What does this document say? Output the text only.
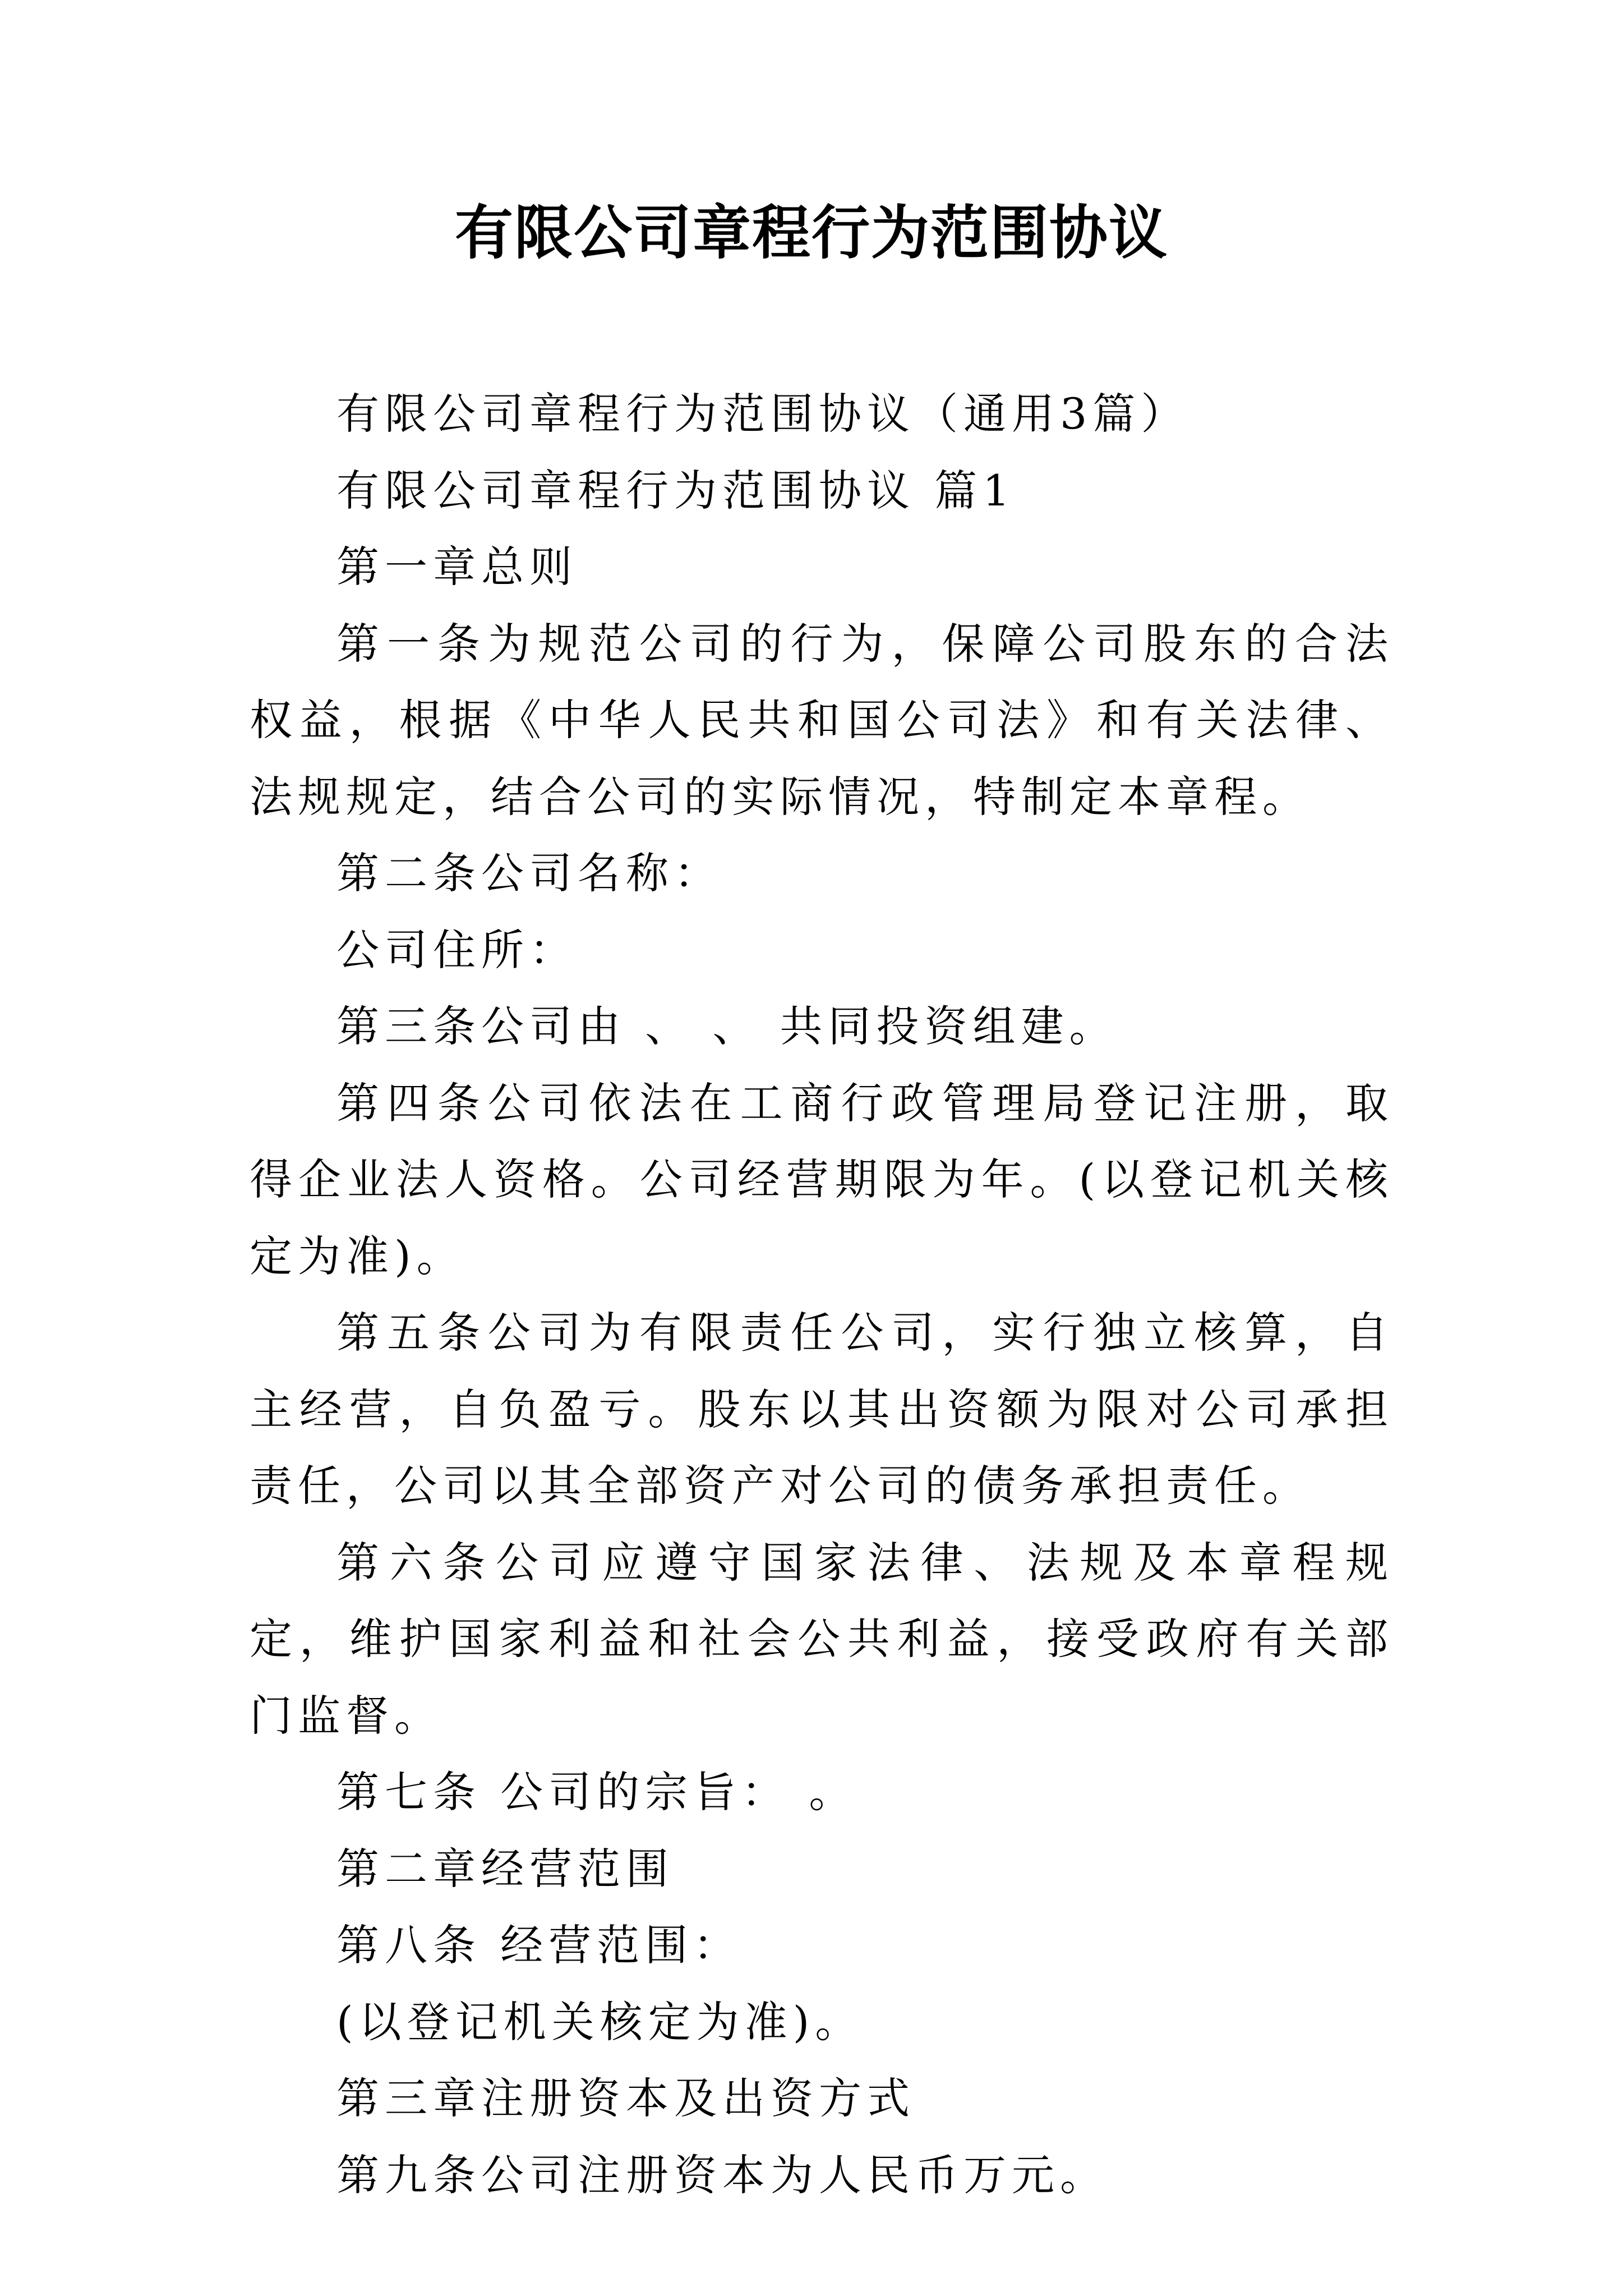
有限公司章程行为范围协议

有限公司章程行为范围协议（通用3篇）

有限公司章程行为范围协议 篇1

第一章总则

第一条为规范公司的行为，保障公司股东的合法权益，根据《中华人民共和国公司法》和有关法律、法规规定，结合公司的实际情况，特制定本章程。

第二条公司名称：

公司住所：

第三条公司由 、 、 共同投资组建。

第四条公司依法在工商行政管理局登记注册，取得企业法人资格。公司经营期限为年。(以登记机关核定为准)。

第五条公司为有限责任公司，实行独立核算，自主经营，自负盈亏。股东以其出资额为限对公司承担责任，公司以其全部资产对公司的债务承担责任。

第六条公司应遵守国家法律、法规及本章程规定，维护国家利益和社会公共利益，接受政府有关部门监督。

第七条 公司的宗旨： 。

第二章经营范围

第八条 经营范围：

(以登记机关核定为准)。

第三章注册资本及出资方式

第九条公司注册资本为人民币万元。
